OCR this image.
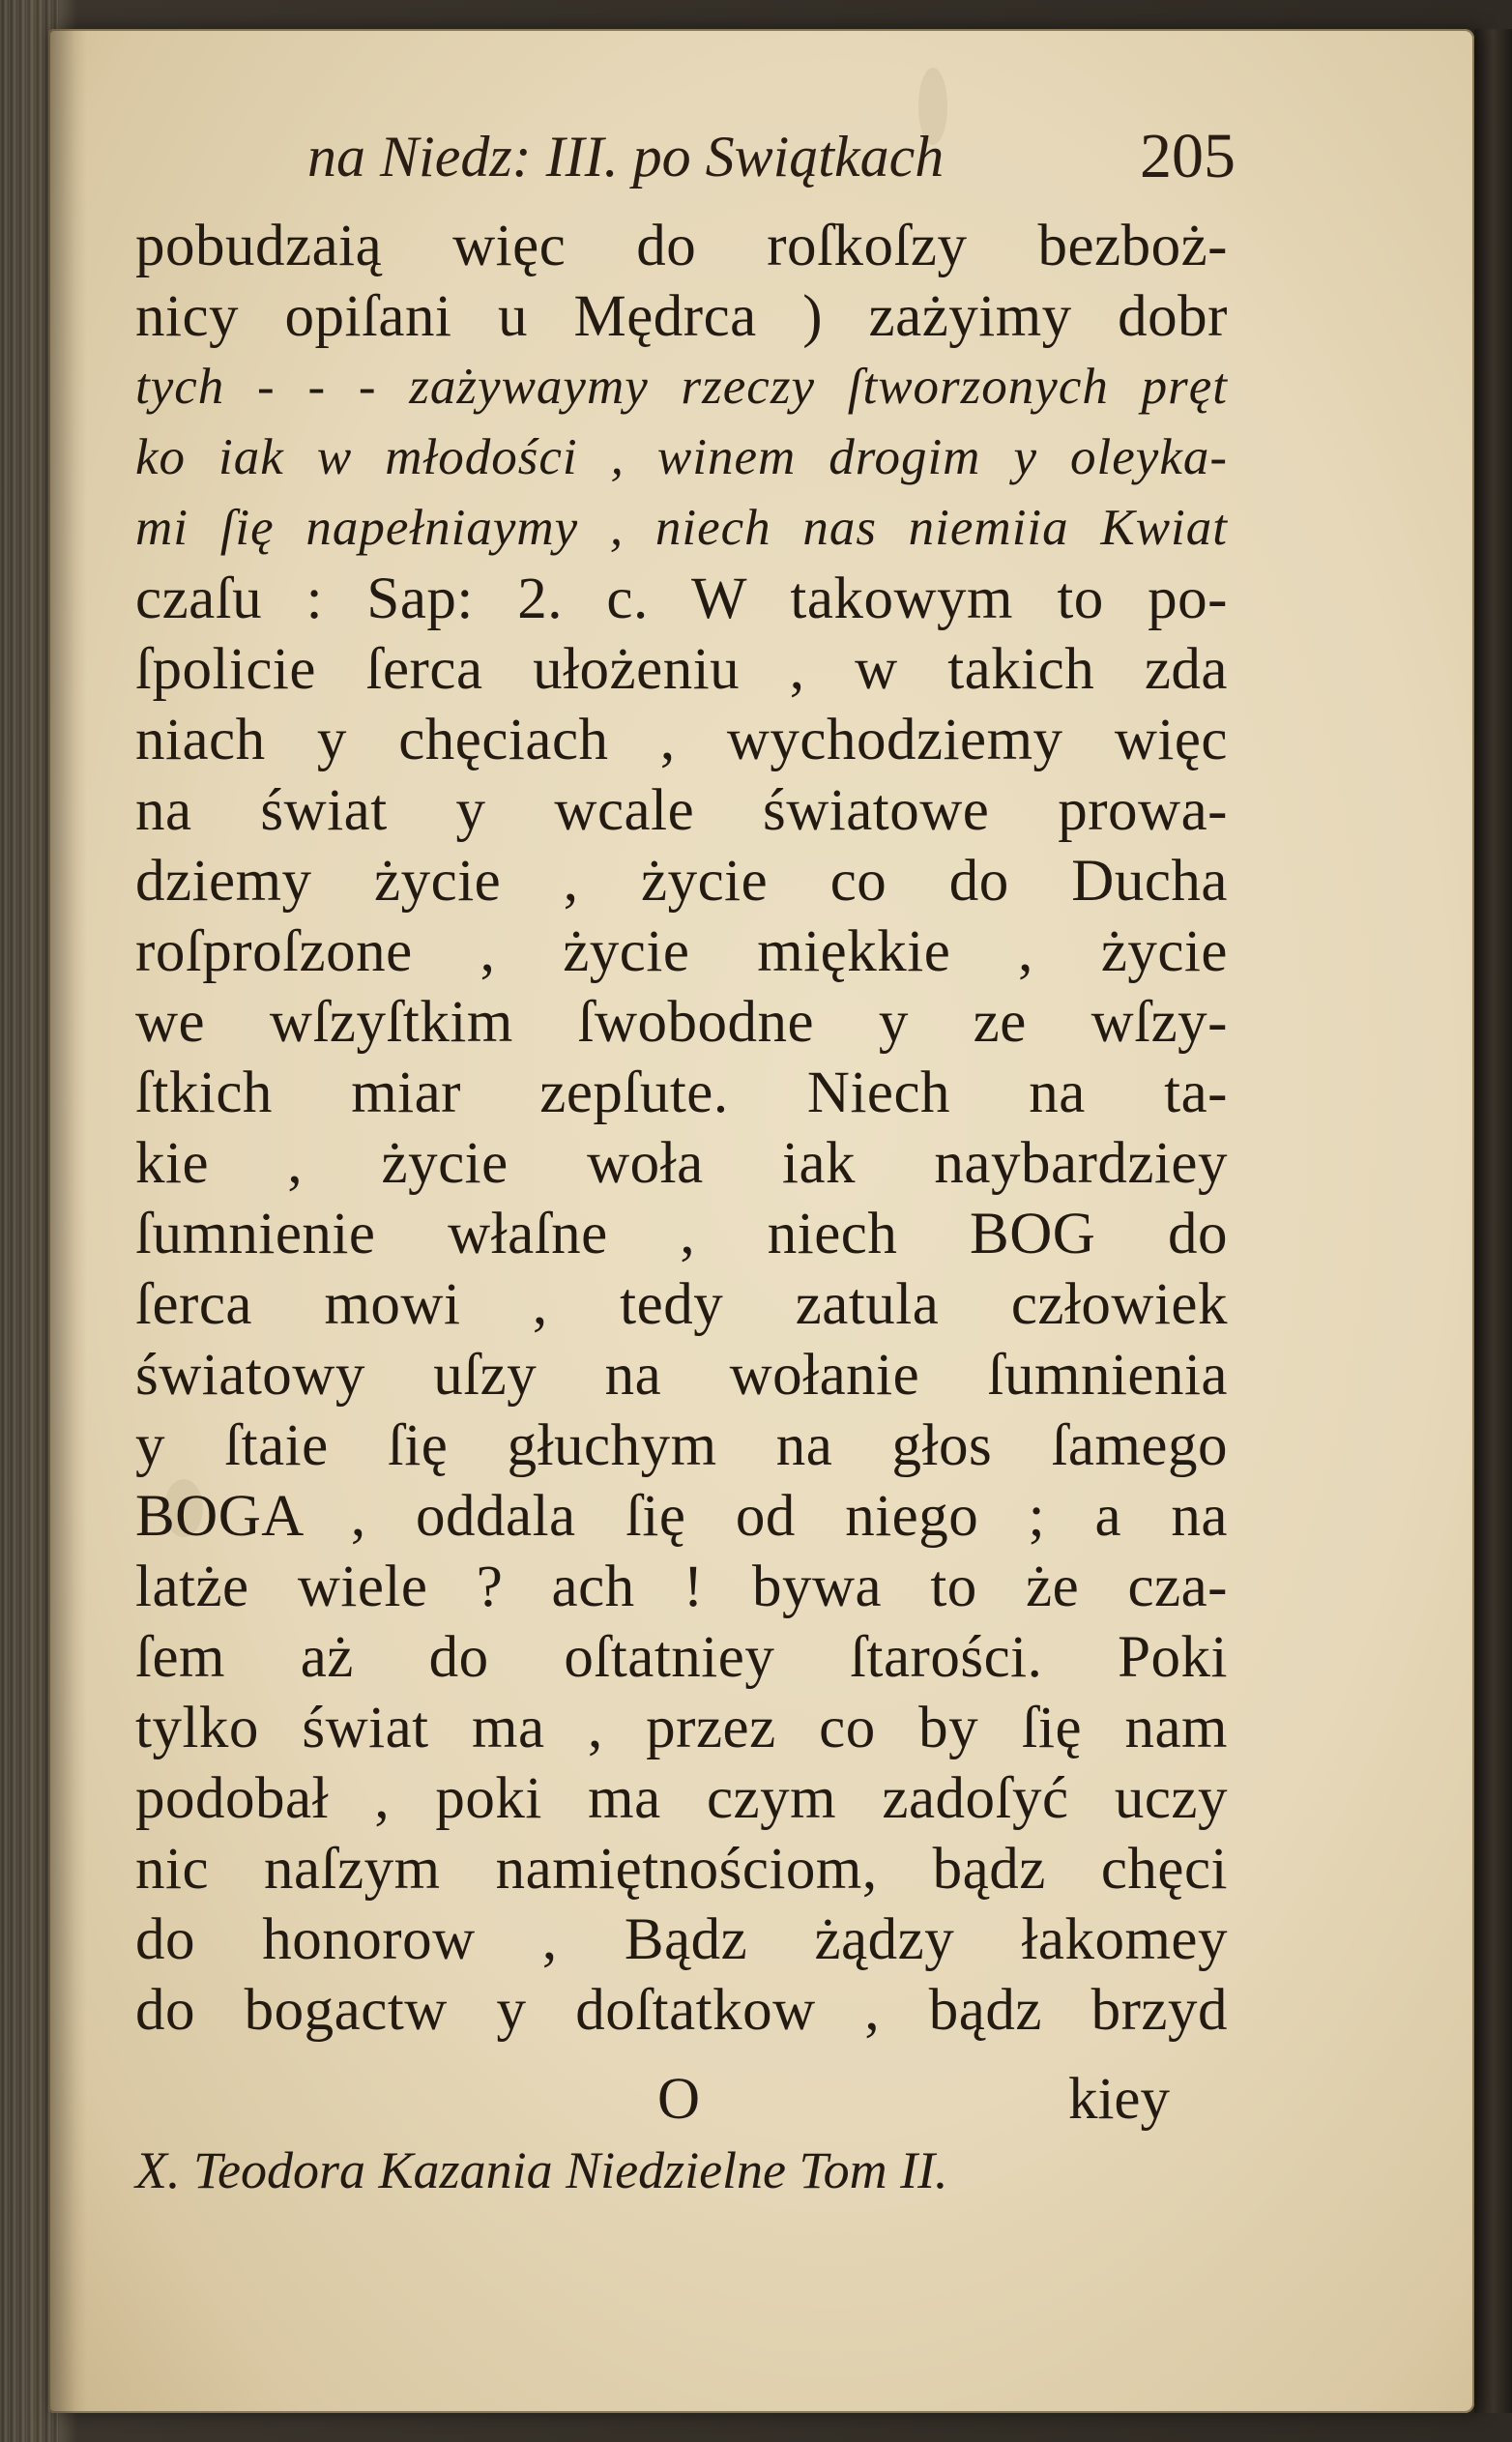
na Niedz: III. po Swiątkach	205
pobudzaią więc do roſkoſzy bezboż-
nicy opiſani u Mędrca ) zażyimy dobr
tych - - - zażywaymy rzeczy ſtworzonych pręt
ko iak w młodości , winem drogim y oleyka-
mi ſię napełniaymy , niech nas niemiia Kwiat
czaſu : Sap: 2. c. W takowym to po-
ſpolicie ſerca ułożeniu , w takich zda
niach y chęciach , wychodziemy więc
na świat y wcale światowe prowa-
dziemy życie , życie co do Ducha
roſproſzone , życie miękkie , życie
we wſzyſtkim ſwobodne y ze wſzy-
ſtkich miar zepſute. Niech na ta-
kie , życie woła iak naybardziey
ſumnienie właſne , niech BOG do
ſerca mowi , tedy zatula człowiek
światowy uſzy na wołanie ſumnienia
y ſtaie ſię głuchym na głos ſamego
BOGA , oddala ſię od niego ; a na
latże wiele ? ach ! bywa to że cza-
ſem aż do oſtatniey ſtarości. Poki
tylko świat ma , przez co by ſię nam
podobał , poki ma czym zadoſyć uczy
nic naſzym namiętnościom, bądz chęci
do honorow , Bądz żądzy łakomey
do bogactw y doſtatkow , bądz brzyd
O	kiey
X. Teodora Kazania Niedzielne Tom II.
